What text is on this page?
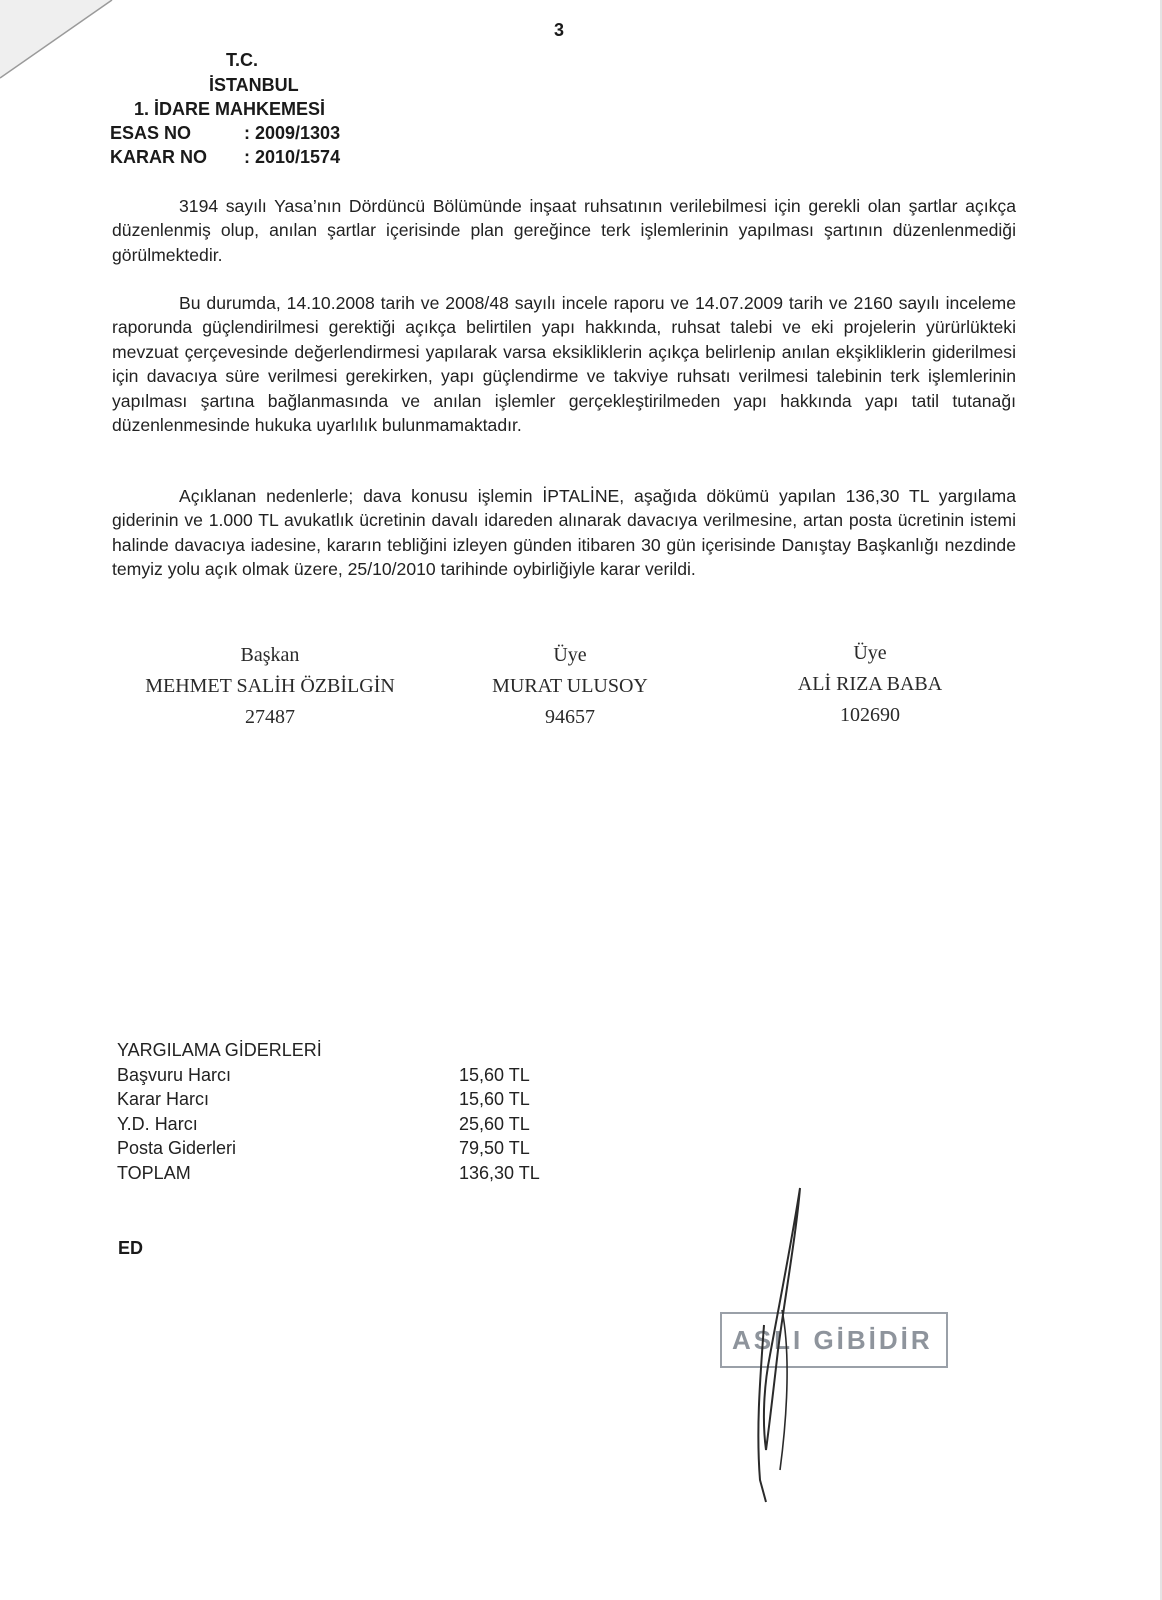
3
T.C.
İSTANBUL
1. İDARE MAHKEMESİ
ESAS NO	: 2009/1303
KARAR NO : 2010/1574

3194 sayılı Yasa’nın Dördüncü Bölümünde inşaat ruhsatının verilebilmesi için gerekli olan şartlar açıkça düzenlenmiş olup, anılan şartlar içerisinde plan gereğince terk işlemlerinin yapılması şartının düzenlenmediği görülmektedir.

Bu durumda, 14.10.2008 tarih ve 2008/48 sayılı incele raporu ve 14.07.2009 tarih ve 2160 sayılı inceleme raporunda güçlendirilmesi gerektiği açıkça belirtilen yapı hakkında, ruhsat talebi ve eki projelerin yürürlükteki mevzuat çerçevesinde değerlendirmesi yapılarak varsa eksikliklerin açıkça belirlenip anılan ekşikliklerin giderilmesi için davacıya süre verilmesi gerekirken, yapı güçlendirme ve takviye ruhsatı verilmesi talebinin terk işlemlerinin yapılması şartına bağlanmasında ve anılan işlemler gerçekleştirilmeden yapı hakkında yapı tatil tutanağı düzenlenmesinde hukuka uyarlılık bulunmamaktadır.

Açıklanan nedenlerle; dava konusu işlemin İPTALİNE, aşağıda dökümü yapılan 136,30 TL yargılama giderinin ve 1.000 TL avukatlık ücretinin davalı idareden alınarak davacıya verilmesine, artan posta ücretinin istemi halinde davacıya iadesine, kararın tebliğini izleyen günden itibaren 30 gün içerisinde Danıştay Başkanlığı nezdinde temyiz yolu açık olmak üzere, 25/10/2010 tarihinde oybirliğiyle karar verildi.

Başkan
MEHMET SALİH ÖZBİLGİN
27487
Üye
MURAT ULUSOY
94657
Üye
ALİ RIZA BABA
102690
YARGILAMA GİDERLERİ
Başvuru Harcı	15,60 TL
Karar Harcı	15,60 TL
Y.D. Harcı	25,60 TL
Posta Giderleri	79,50 TL
TOPLAM	136,30 TL
ED
ASLI GİBİDİR
